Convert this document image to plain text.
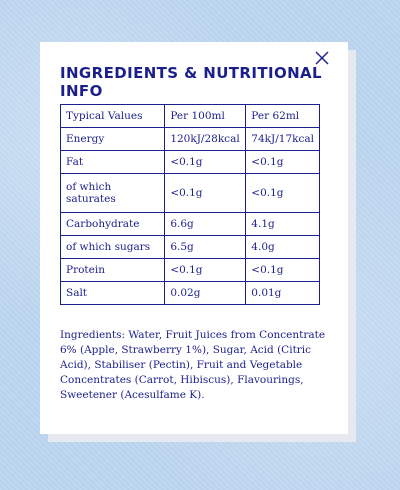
INGREDIENTS & NUTRITIONAL INFO
Typical Values	Per 100ml	Per 62ml
Energy	120kJ/28kcal	74kJ/17kcal
Fat	<0.1g	<0.1g
of which saturates	<0.1g	<0.1g
Carbohydrate	6.6g	4.1g
of which sugars	6.5g	4.0g
Protein	<0.1g	<0.1g
Salt	0.02g	0.01g

Ingredients: Water, Fruit Juices from Concentrate 6% (Apple, Strawberry 1%), Sugar, Acid (Citric Acid), Stabiliser (Pectin), Fruit and Vegetable Concentrates (Carrot, Hibiscus), Flavourings, Sweetener (Acesulfame K).
